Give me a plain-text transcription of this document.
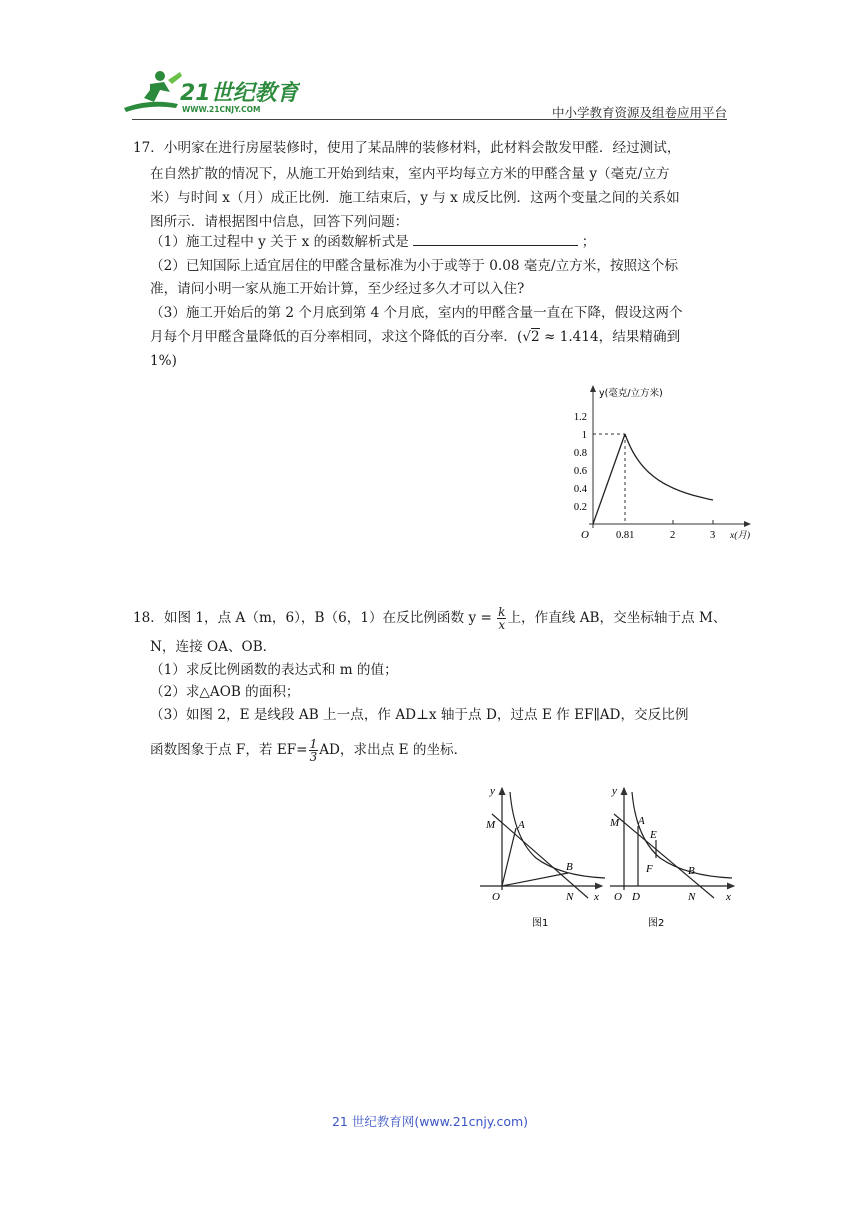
21世纪教育
WWW.21CNJY.COM	中小学教育资源及组卷应用平台
17．小明家在进行房屋装修时，使用了某品牌的装修材料，此材料会散发甲醛．经过测试，
在自然扩散的情况下，从施工开始到结束，室内平均每立方米的甲醛含量 y（毫克/立方
米）与时间 x（月）成正比例．施工结束后，y 与 x 成反比例．这两个变量之间的关系如
图所示．请根据图中信息，回答下列问题：
（1）施工过程中 y 关于 x 的函数解析式是	；
（2）已知国际上适宜居住的甲醛含量标准为小于或等于 0.08 毫克/立方米，按照这个标
准，请问小明一家从施工开始计算，至少经过多久才可以入住?
（3）施工开始后的第 2 个月底到第 4 个月底，室内的甲醛含量一直在下降，假设这两个
月每个月甲醛含量降低的百分率相同，求这个降低的百分率．(√2 ≈ 1.414，结果精确到
1%)
y(毫克/立方米)
x(月)
O
0.2
0.4
0.6
0.8
1
1.2
0.81	2	3
18．如图 1，点 A（m，6），B（6，1）在反比例函数 $y = \frac{k}{x}$ 上，作直线 AB，交坐标轴于点 M、
N，连接 OA、OB．
（1）求反比例函数的表达式和 m 的值；
（2）求△AOB 的面积；
（3）如图 2，E 是线段 AB 上一点，作 AD⊥x 轴于点 D，过点 E 作 EF∥AD，交反比例
函数图象于点 F，若 $EF= \frac{1}{3}$ AD，求出点 E 的坐标．
y
x
M A
B
O	N
图1
y
x
M A
E
F	B
O D	N
图2
21 世纪教育网(www.21cnjy.com)
